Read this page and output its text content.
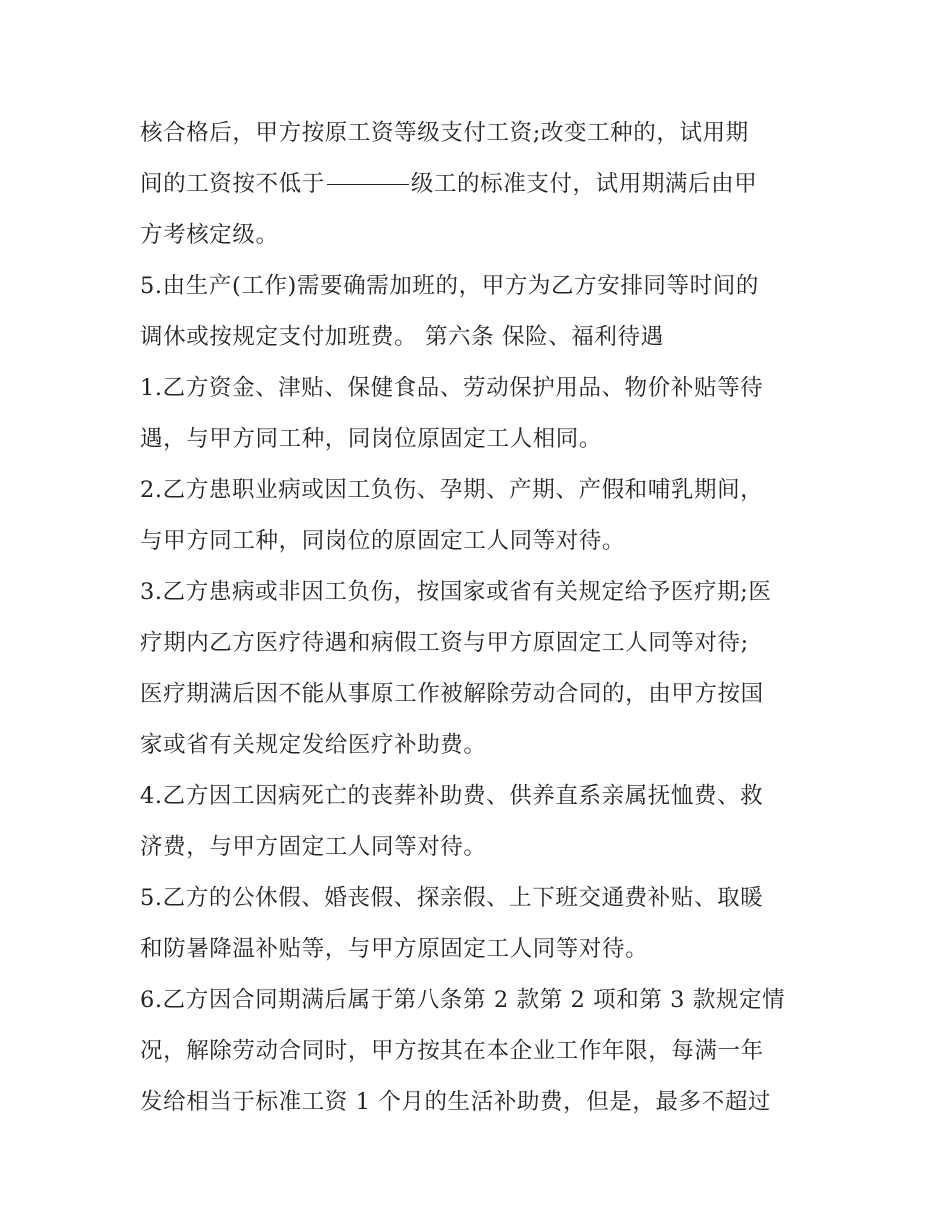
核合格后，甲方按原工资等级支付工资;改变工种的，试用期
间的工资按不低于	级工的标准支付，试用期满后由甲
方考核定级。
5.由生产(工作)需要确需加班的，甲方为乙方安排同等时间的
调休或按规定支付加班费。 第六条 保险、福利待遇
1.乙方资金、津贴、保健食品、劳动保护用品、物价补贴等待
遇，与甲方同工种，同岗位原固定工人相同。
2.乙方患职业病或因工负伤、孕期、产期、产假和哺乳期间，
与甲方同工种，同岗位的原固定工人同等对待。
3.乙方患病或非因工负伤，按国家或省有关规定给予医疗期;医
疗期内乙方医疗待遇和病假工资与甲方原固定工人同等对待;
医疗期满后因不能从事原工作被解除劳动合同的，由甲方按国
家或省有关规定发给医疗补助费。
4.乙方因工因病死亡的丧葬补助费、供养直系亲属抚恤费、救
济费，与甲方固定工人同等对待。
5.乙方的公休假、婚丧假、探亲假、上下班交通费补贴、取暖
和防暑降温补贴等，与甲方原固定工人同等对待。
6.乙方因合同期满后属于第八条第 2 款第 2 项和第 3 款规定情
况，解除劳动合同时，甲方按其在本企业工作年限，每满一年
发给相当于标准工资 1 个月的生活补助费，但是，最多不超过
